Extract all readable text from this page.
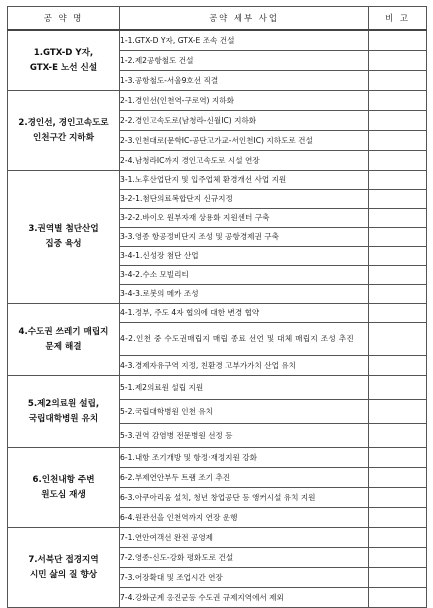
공 약 명	공약 세부 사업	비 고

1.GTX-D Y자,
GTX-E 노선 신설	1-1.GTX-D Y자, GTX-E 조속 건설	
	1-2.제2공항철도 건설	
	1-3.공항철도-서울9호선 직결	

2.경인선, 경인고속도로
인천구간 지하화	2-1.경인선(인천역-구로역) 지하화	
	2-2.경인고속도로(남청라-신월IC) 지하화	
	2-3.인천대로(문학IC-공단고가교-서인천IC) 지하도로 건설	
	2-4.남청라IC까지 경인고속도로 시설 연장	

3.권역별 첨단산업
집중 육성	3-1.노후산업단지 및 입주업체 환경개선 사업 지원	
	3-2-1.첨단의료복합단지 신규지정	
	3-2-2.바이오 원부자재 상용화 지원센터 구축	
	3-3.영종 항공정비단지 조성 및 공항경제권 구축	
	3-4-1.신성장 첨단 산업	
	3-4-2.수소 모빌리티	
	3-4-3.로봇의 메카 조성	

4.수도권 쓰레기 매립지
문제 해결	4-1.정부, 주도 4자 협의에 대한 변경 협약	
	4-2.인천 중 수도권매립지 매립 종료 선언 및 대체 매립지 조성 추진	
	4-3.경제자유구역 지정, 친환경 고부가가치 산업 유치	

5.제2의료원 설립,
국립대학병원 유치	5-1.제2의료원 설립 지원	
	5-2.국립대학병원 인천 유치	
	5-3.권역 감염병 전문병원 선정 등	

6.인천내항 주변
원도심 재생	6-1.내항 조기개방 및 항정·재정지원 강화	
	6-2.부제연안부두 트램 조기 추진	
	6-3.아쿠아리움 설치, 청년 창업공단 등 앵커시설 유치 지원	
	6-4.원관선을 인천역까지 연장 운행	

7.서북단 접경지역
시민 삶의 질 향상	7-1.연안여객선 완전 공영제	
	7-2.영종-신도-강화 평화도로 건설	
	7-3.어장확대 및 조업시간 연장	
	7-4.강화군계 옹진군등 수도권 규제지역에서 제외	
